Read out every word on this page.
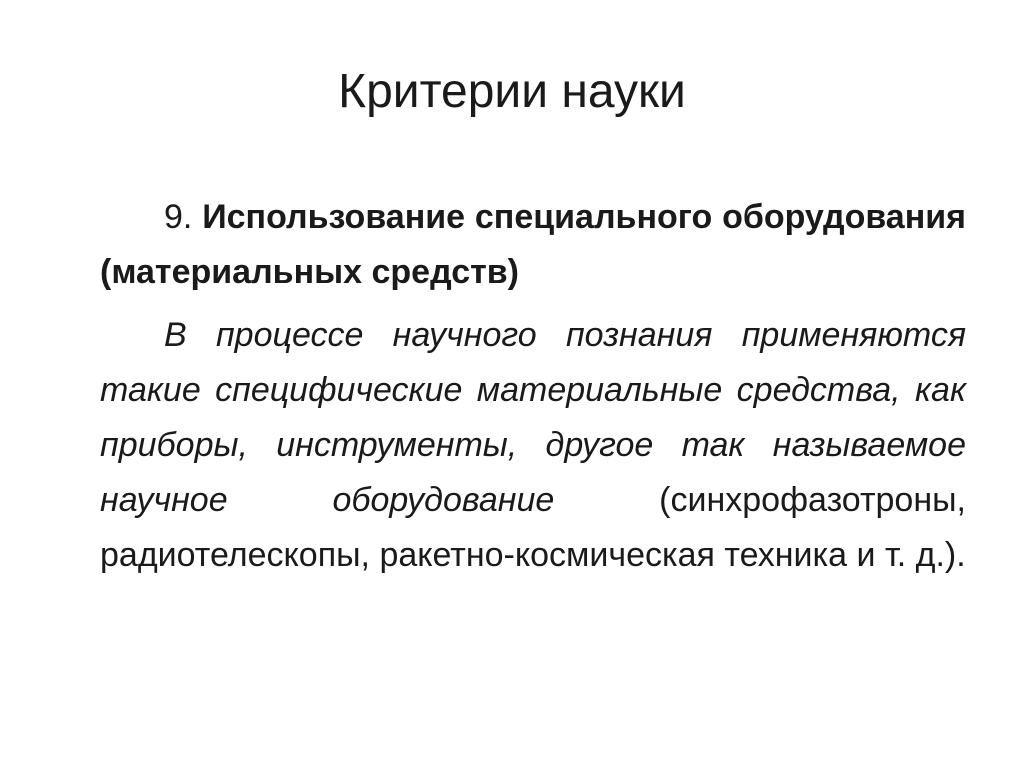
Критерии науки

9. Использование специального оборудования (материальных средств)

В процессе научного познания применяются такие специфические материальные средства, как приборы, инструменты, другое так называемое научное оборудование (синхрофазотроны, радиотелескопы, ракетно-космическая техника и т. д.).
